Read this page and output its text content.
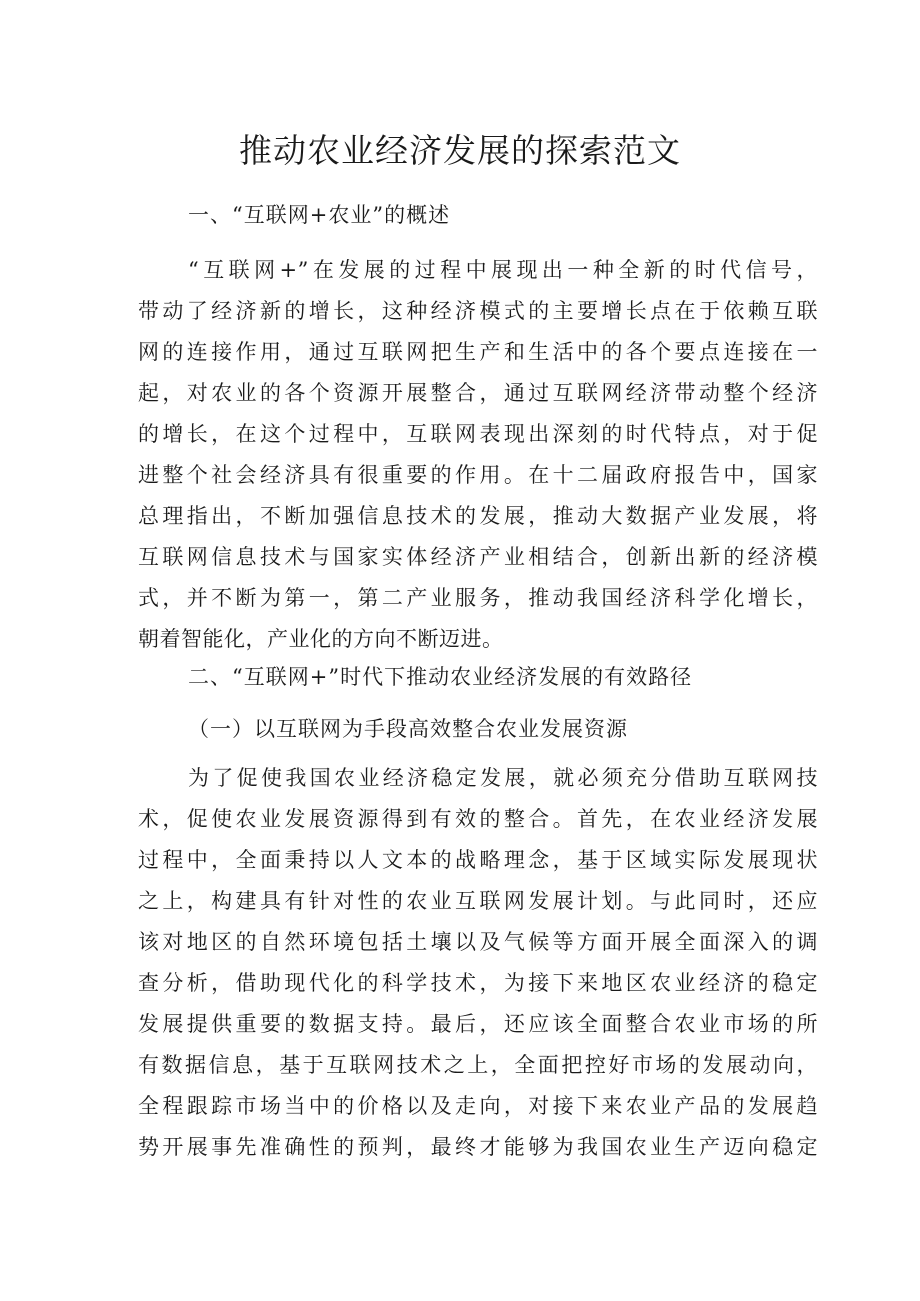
推动农业经济发展的探索范文
一、“互联网+农业”的概述
“互联网+”在发展的过程中展现出一种全新的时代信号，
带动了经济新的增长，这种经济模式的主要增长点在于依赖互联
网的连接作用，通过互联网把生产和生活中的各个要点连接在一
起，对农业的各个资源开展整合，通过互联网经济带动整个经济
的增长，在这个过程中，互联网表现出深刻的时代特点，对于促
进整个社会经济具有很重要的作用。在十二届政府报告中，国家
总理指出，不断加强信息技术的发展，推动大数据产业发展，将
互联网信息技术与国家实体经济产业相结合，创新出新的经济模
式，并不断为第一，第二产业服务，推动我国经济科学化增长，
朝着智能化，产业化的方向不断迈进。
二、“互联网+”时代下推动农业经济发展的有效路径
（一）以互联网为手段高效整合农业发展资源
为了促使我国农业经济稳定发展，就必须充分借助互联网技
术，促使农业发展资源得到有效的整合。首先，在农业经济发展
过程中，全面秉持以人文本的战略理念，基于区域实际发展现状
之上，构建具有针对性的农业互联网发展计划。与此同时，还应
该对地区的自然环境包括土壤以及气候等方面开展全面深入的调
查分析，借助现代化的科学技术，为接下来地区农业经济的稳定
发展提供重要的数据支持。最后，还应该全面整合农业市场的所
有数据信息，基于互联网技术之上，全面把控好市场的发展动向，
全程跟踪市场当中的价格以及走向，对接下来农业产品的发展趋
势开展事先准确性的预判，最终才能够为我国农业生产迈向稳定
